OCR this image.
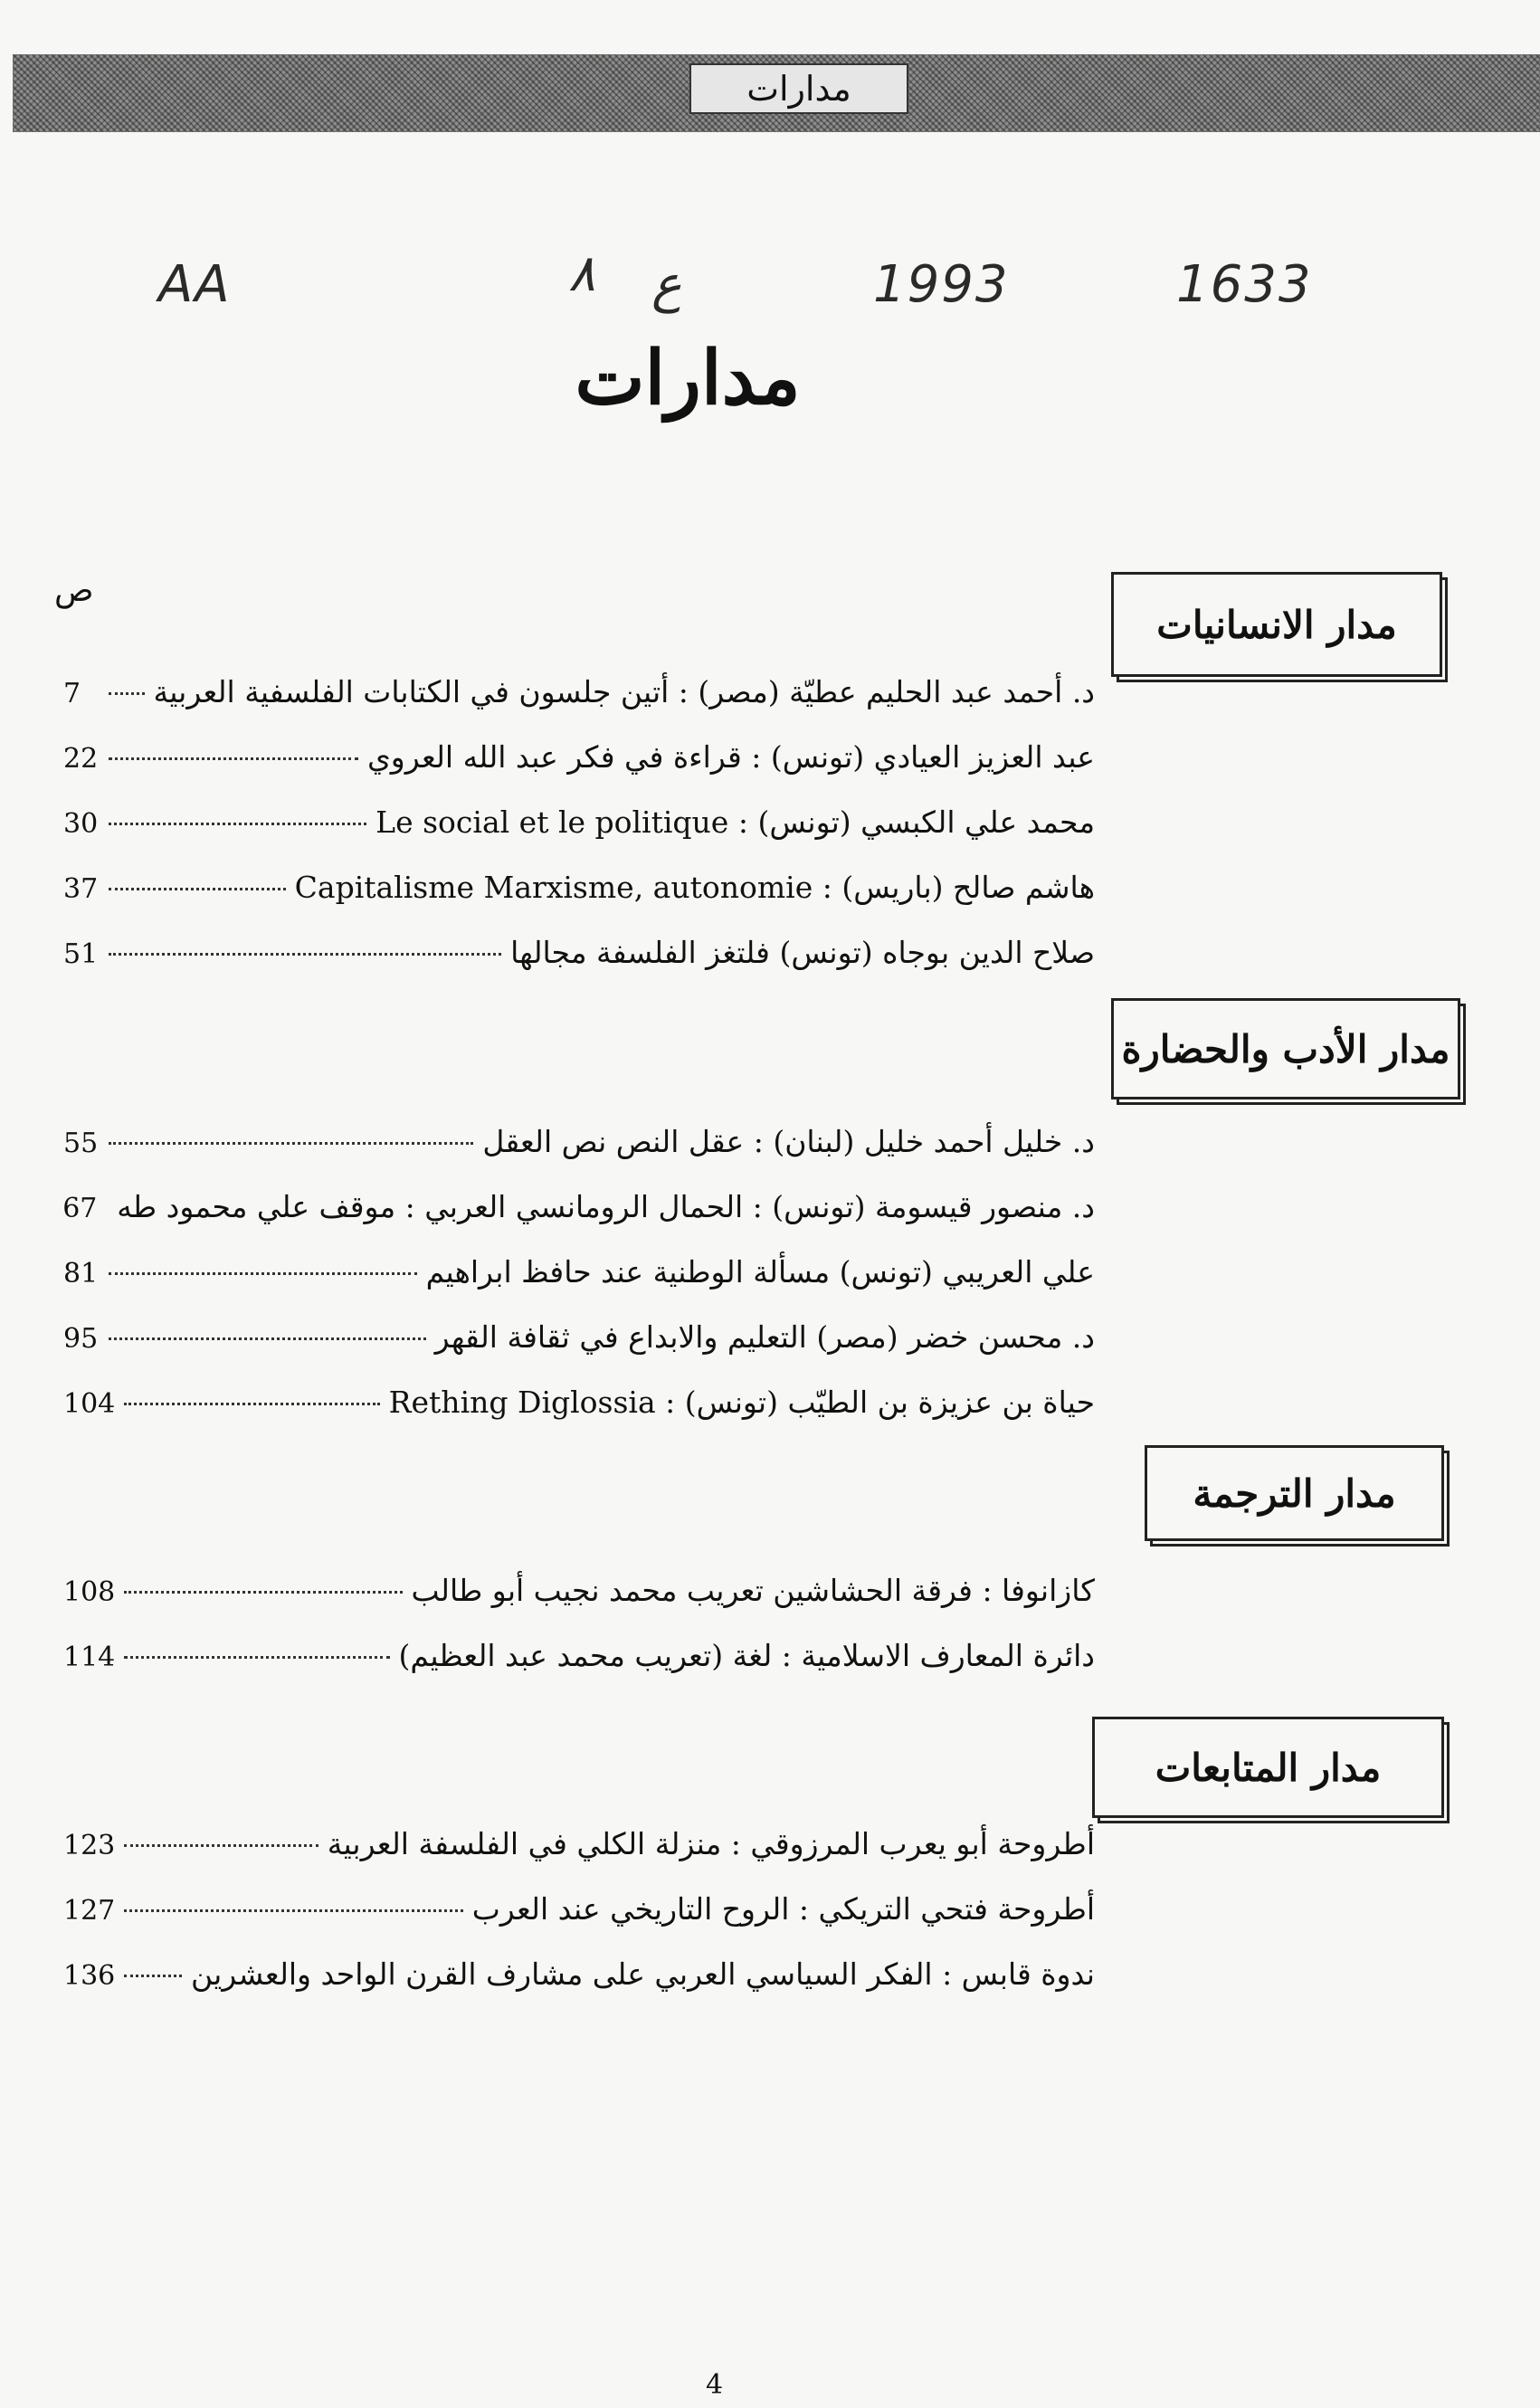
مدارات
1633
1993
ع
٨
AA
مدارات
ص
مدار الانسانيات
د. أحمد عبد الحليم عطيّة (مصر) : أتين جلسون في الكتابات الفلسفية العربية
7
عبد العزيز العيادي (تونس) : قراءة في فكر عبد الله العروي
22
محمد علي الكبسي (تونس) : Le social et le politique
30
هاشم صالح (باريس) : Capitalisme Marxisme, autonomie
37
صلاح الدين بوجاه (تونس) فلتغز الفلسفة مجالها
51
مدار الأدب والحضارة
د. خليل أحمد خليل (لبنان) : عقل النص نص العقل
55
د. منصور قيسومة (تونس) : الحمال الرومانسي العربي : موقف علي محمود طه
67
علي العريبي (تونس) مسألة الوطنية عند حافظ ابراهيم
81
د. محسن خضر (مصر) التعليم والابداع في ثقافة القهر
95
حياة بن عزيزة بن الطيّب (تونس) : Rething Diglossia
104
مدار الترجمة
كازانوفا : فرقة الحشاشين تعريب محمد نجيب أبو طالب
108
دائرة المعارف الاسلامية : لغة (تعريب محمد عبد العظيم)
114
مدار المتابعات
أطروحة أبو يعرب المرزوقي : منزلة الكلي في الفلسفة العربية
123
أطروحة فتحي التريكي : الروح التاريخي عند العرب
127
ندوة قابس : الفكر السياسي العربي على مشارف القرن الواحد والعشرين
136
4
